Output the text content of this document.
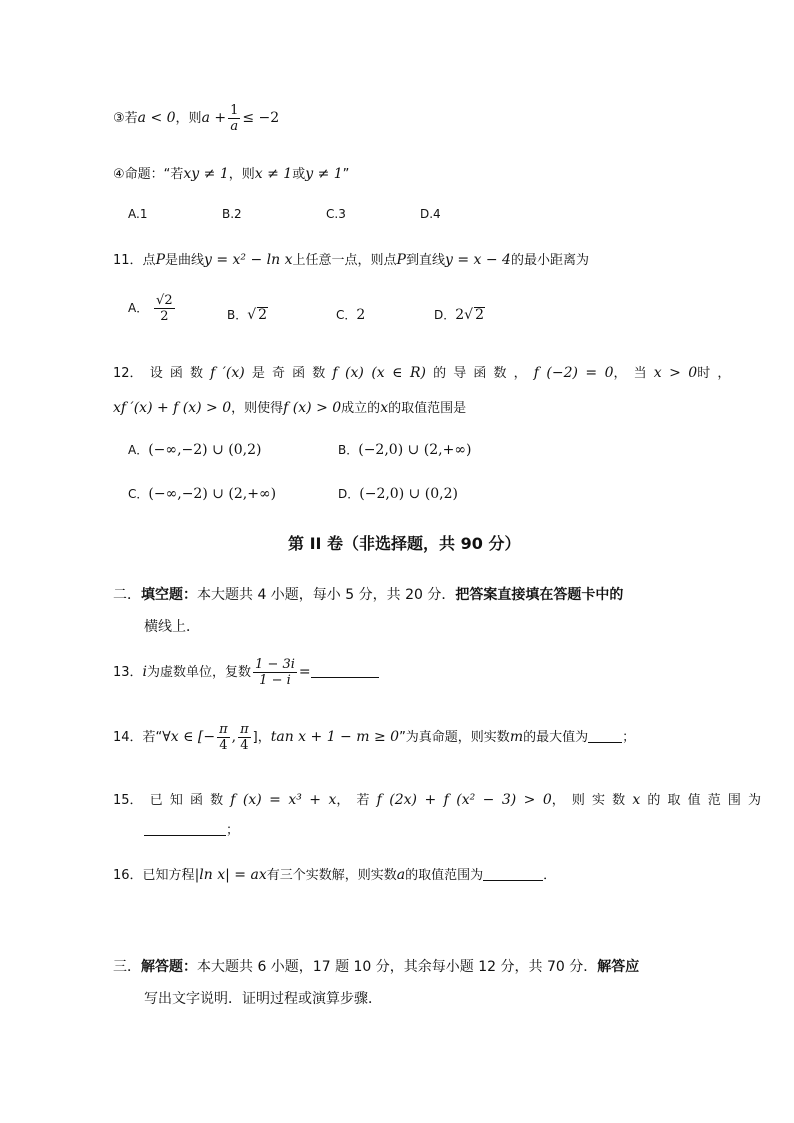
③若a < 0，则$a + \frac{1}{a} \le -2$
④命题：“若xy ≠ 1，则x ≠ 1或y ≠ 1”
A.1	B.2	C.3	D.4
11．点P是曲线y = x² − ln x上任意一点，则点P到直线y = x − 4的最小距离为
A． $\frac{√2}{2}$	B．√ 2	C．2	D．2√ 2
12． 设 函 数 f ′(x) 是 奇 函 数 f (x) (x ∈ R) 的 导 函 数 ， f (−2) = 0， 当 x > 0时 ，
xf ′(x) + f (x) > 0，则使得f (x) > 0成立的x的取值范围是
A．(−∞,−2) ∪ (0,2)	B．(−2,0) ∪ (2,+∞)
C．(−∞,−2) ∪ (2,+∞)	D．(−2,0) ∪ (0,2)
第 II 卷（非选择题，共 90 分）
二．填空题：本大题共 4 小题，每小 5 分，共 20 分．把答案直接填在答题卡中的
横线上．
13．i为虚数单位，复数 $\frac{1 - 3i}{1 - i}$ =
14．若“∀x ∈ [− $\frac{\pi}{4}$ , $\frac{\pi}{4}$ ]，tan x + 1 − m ≥ 0”为真命题，则实数m的最大值为	；
15． 已 知 函 数 f (x) = x³ + x， 若 f (2x) + f (x² − 3) > 0， 则 实 数 x 的 取 值 范 围 为
；
16．已知方程|ln x| = ax有三个实数解，则实数a的取值范围为	．
三．解答题：本大题共 6 小题，17 题 10 分，其余每小题 12 分，共 70 分．解答应
写出文字说明．证明过程或演算步骤．
